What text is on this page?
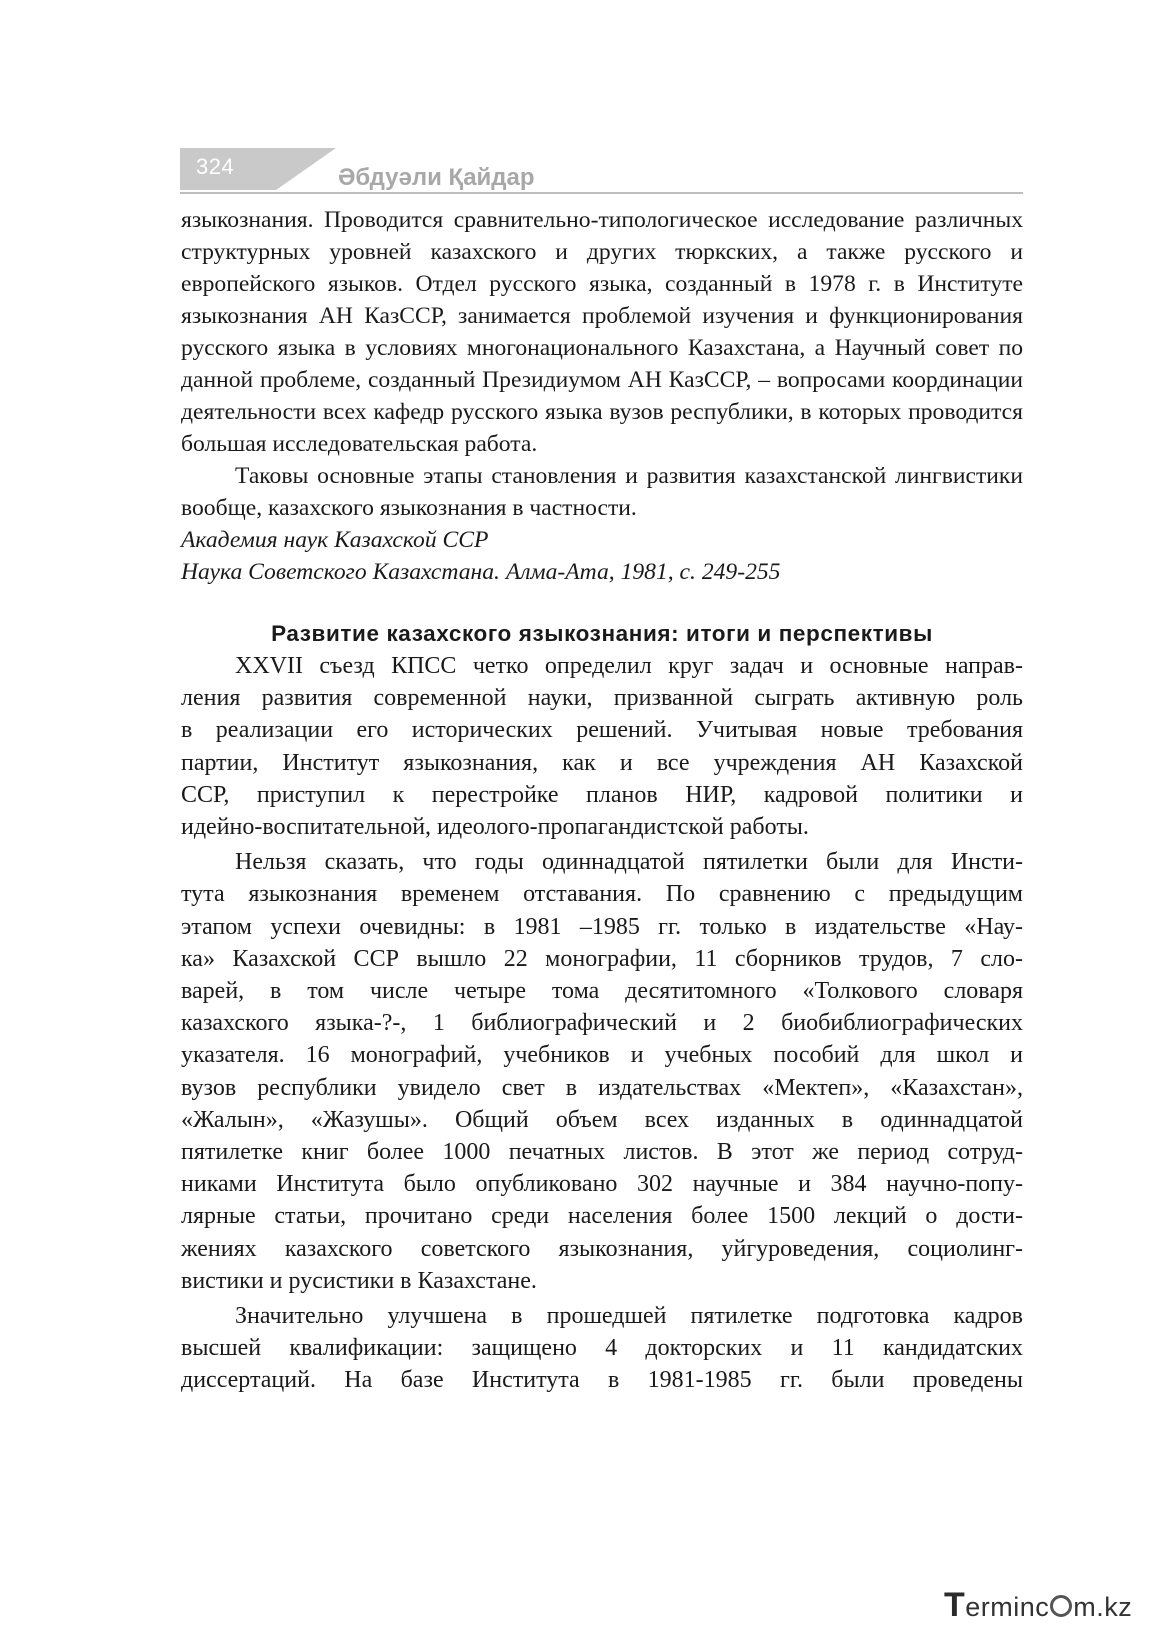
324	Әбдуәли Қайдар

языкознания. Проводится сравнительно-типологическое исследование различных структурных уровней казахского и других тюркских, а также русского и европейского языков. Отдел русского языка, созданный в 1978 г. в Институте языкознания АН КазССР, занимается проблемой изучения и функционирования русского языка в условиях многонационального Казахстана, а Научный совет по данной проблеме, созданный Президиумом АН КазССР, – вопросами координации деятельности всех кафедр русского языка вузов республики, в которых проводится большая исследовательская работа.

Таковы основные этапы становления и развития казахстанской лингвистики вообще, казахского языкознания в частности.

Академия наук Казахской ССР

Наука Советского Казахстана. Алма-Ата, 1981, с. 249-255

Развитие казахского языкознания: итоги и перспективы

XXVII съезд КПСС четко определил круг задач и основные направ-

ления развития современной науки, призванной сыграть активную роль

в реализации его исторических решений. Учитывая новые требования

партии, Институт языкознания, как и все учреждения АН Казахской

ССР, приступил к перестройке планов НИР, кадровой политики и

идейно-воспитательной, идеолого-пропагандистской работы.

Нельзя сказать, что годы одиннадцатой пятилетки были для Инсти-

тута языкознания временем отставания. По сравнению с предыдущим

этапом успехи очевидны: в 1981 –1985 гг. только в издательстве «Нау-

ка» Казахской ССР вышло 22 монографии, 11 сборников трудов, 7 сло-

варей, в том числе четыре тома десятитомного «Толкового словаря

казахского языка-?-, 1 библиографический и 2 биобиблиографических

указателя. 16 монографий, учебников и учебных пособий для школ и

вузов республики увидело свет в издательствах «Мектеп», «Казахстан»,

«Жалын», «Жазушы». Общий объем всех изданных в одиннадцатой

пятилетке книг более 1000 печатных листов. В этот же период сотруд-

никами Института было опубликовано 302 научные и 384 научно-попу-

лярные статьи, прочитано среди населения более 1500 лекций о дости-

жениях казахского советского языкознания, уйгуроведения, социолинг-

вистики и русистики в Казахстане.

Значительно улучшена в прошедшей пятилетке подготовка кадров

высшей квалификации: защищено 4 докторских и 11 кандидатских

диссертаций. На базе Института в 1981-1985 гг. были проведены

Terminc m.kz
